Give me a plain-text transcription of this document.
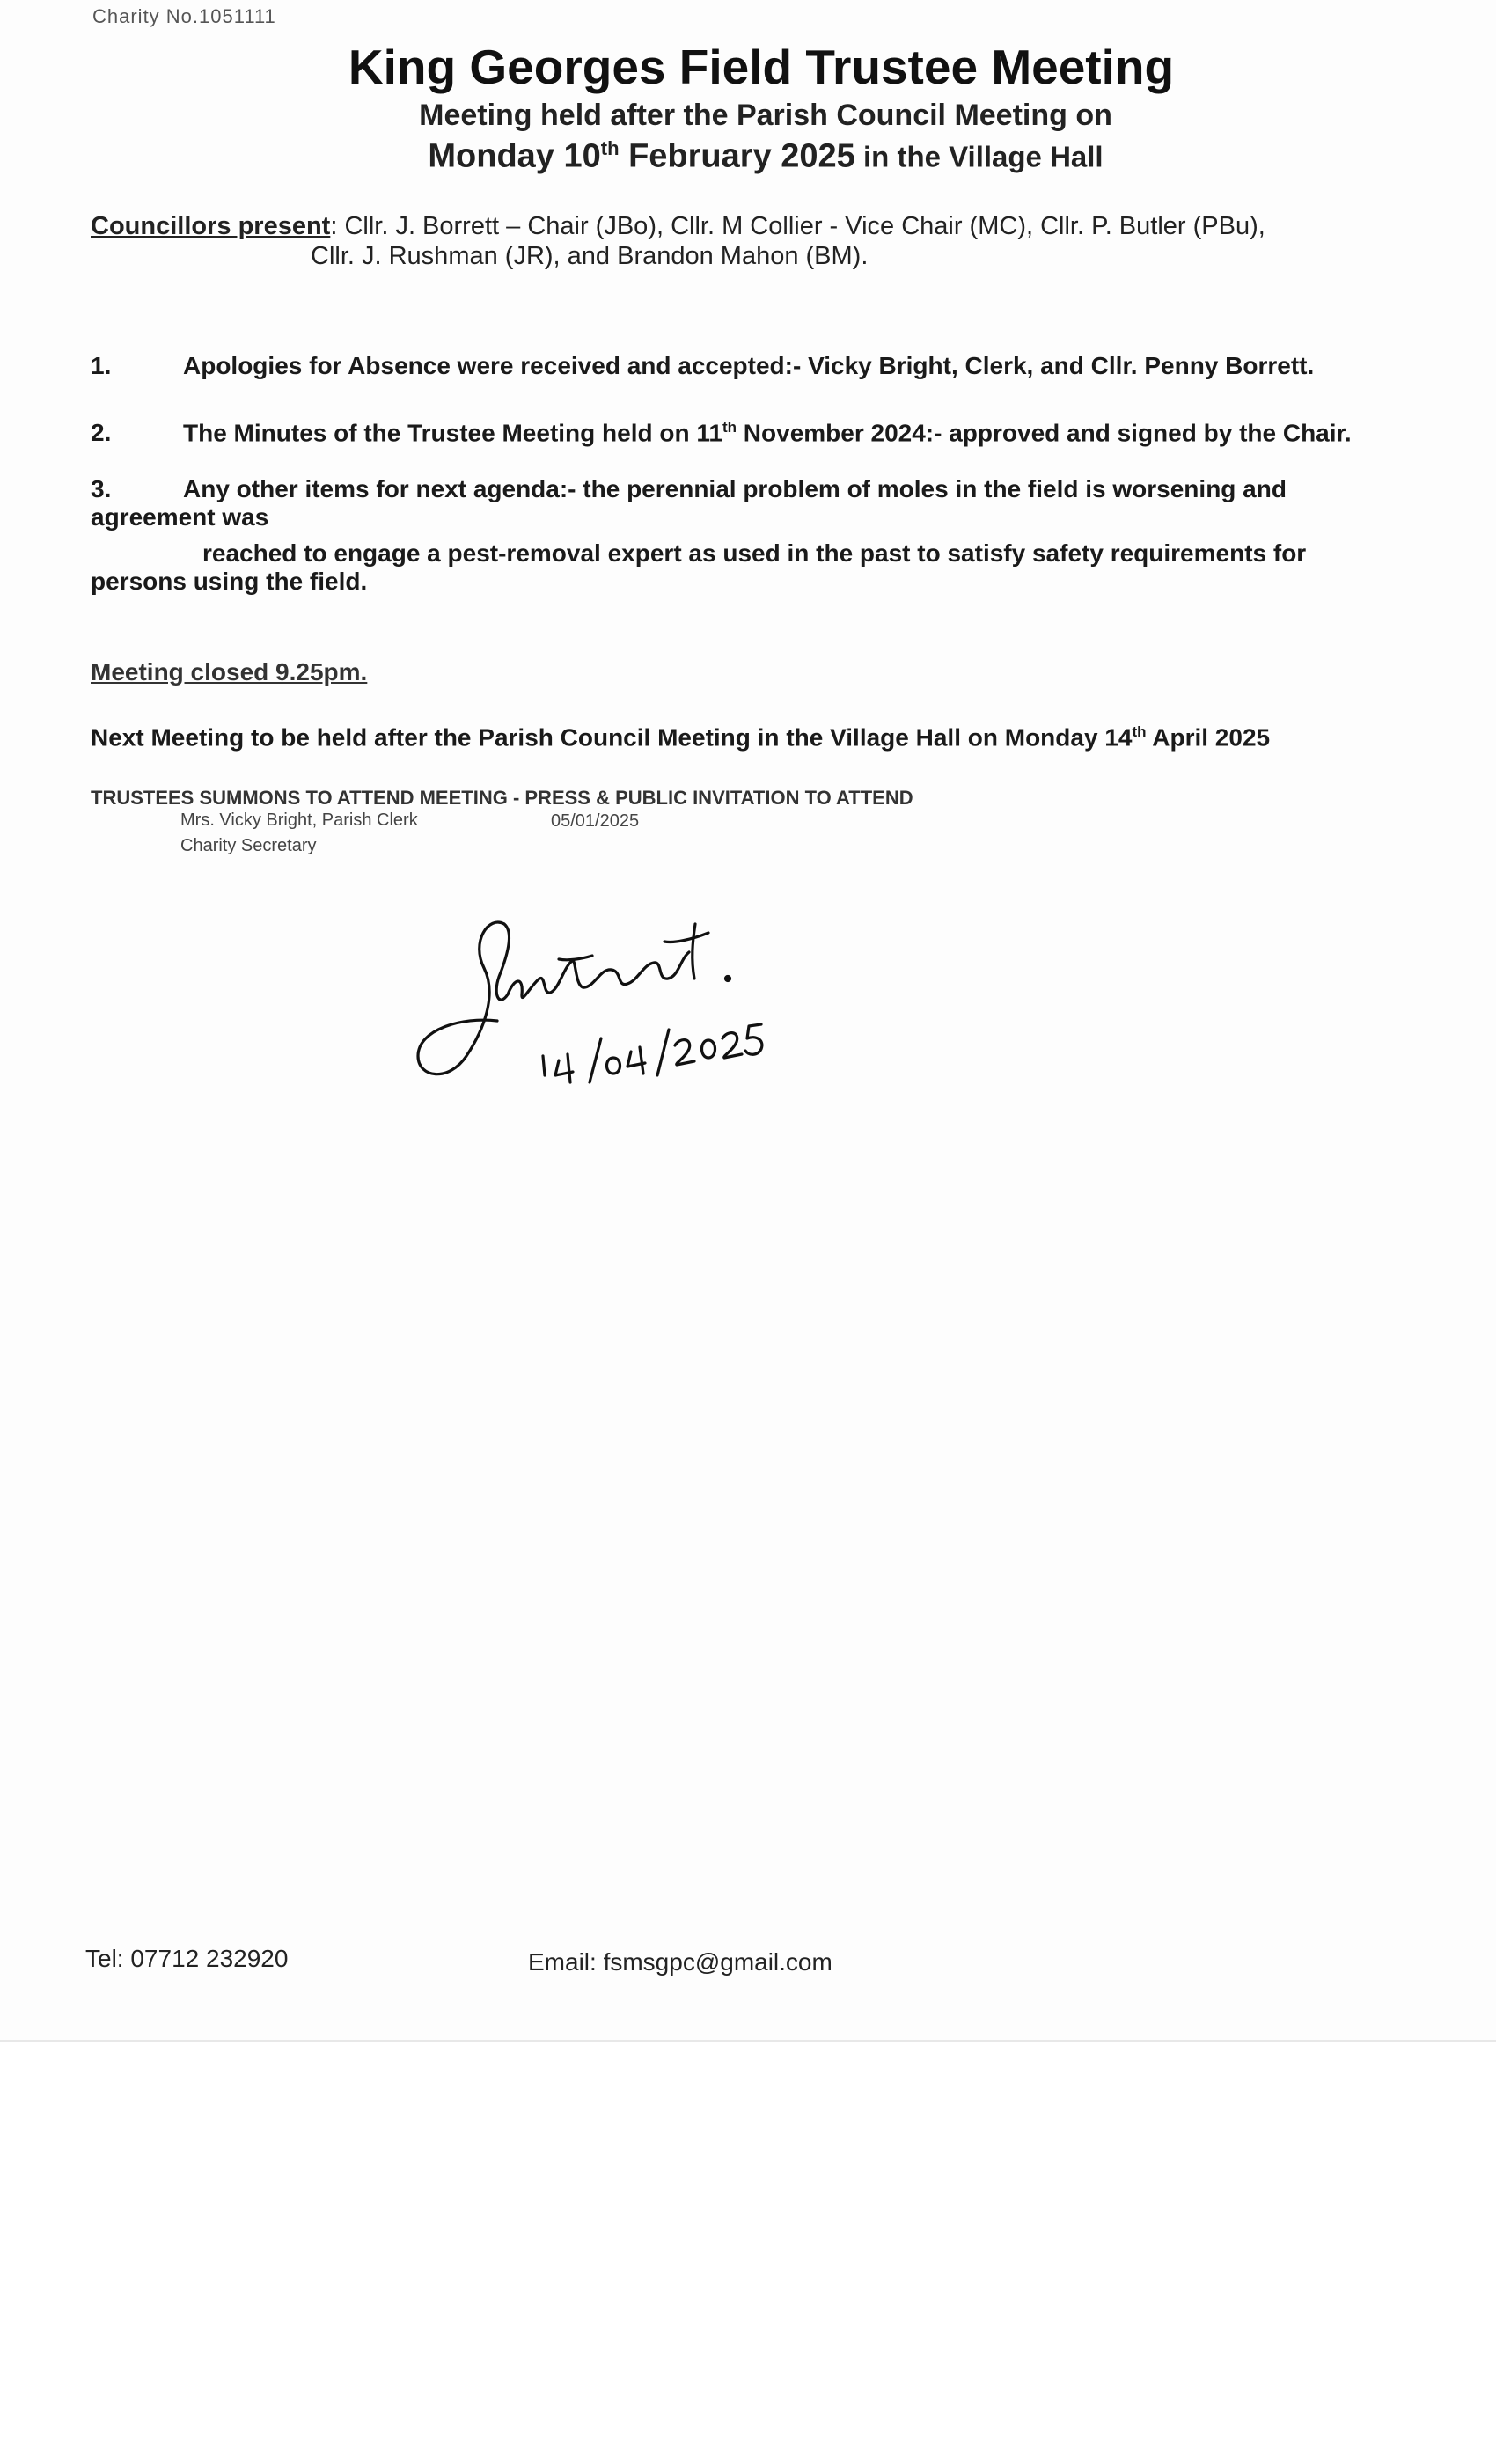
Charity No.1051111
King Georges Field Trustee Meeting
Meeting held after the Parish Council Meeting on
Monday 10th February 2025 in the Village Hall
Councillors present: Cllr. J. Borrett – Chair (JBo), Cllr. M Collier - Vice Chair (MC), Cllr. P. Butler (PBu),
Cllr. J. Rushman (JR), and Brandon Mahon (BM).
1.	Apologies for Absence were received and accepted:- Vicky Bright, Clerk, and Cllr. Penny Borrett.
2.	The Minutes of the Trustee Meeting held on 11th November 2024:- approved and signed by the Chair.
3.	Any other items for next agenda:- the perennial problem of moles in the field is worsening and
agreement was
reached to engage a pest-removal expert as used in the past to satisfy safety requirements for
persons using the field.
Meeting closed 9.25pm.
Next Meeting to be held after the Parish Council Meeting in the Village Hall on Monday 14th April 2025
TRUSTEES SUMMONS TO ATTEND MEETING - PRESS & PUBLIC INVITATION TO ATTEND
Mrs. Vicky Bright, Parish Clerk	05/01/2025
Charity Secretary
Tel: 07712 232920	Email: fsmsgpc@gmail.com
